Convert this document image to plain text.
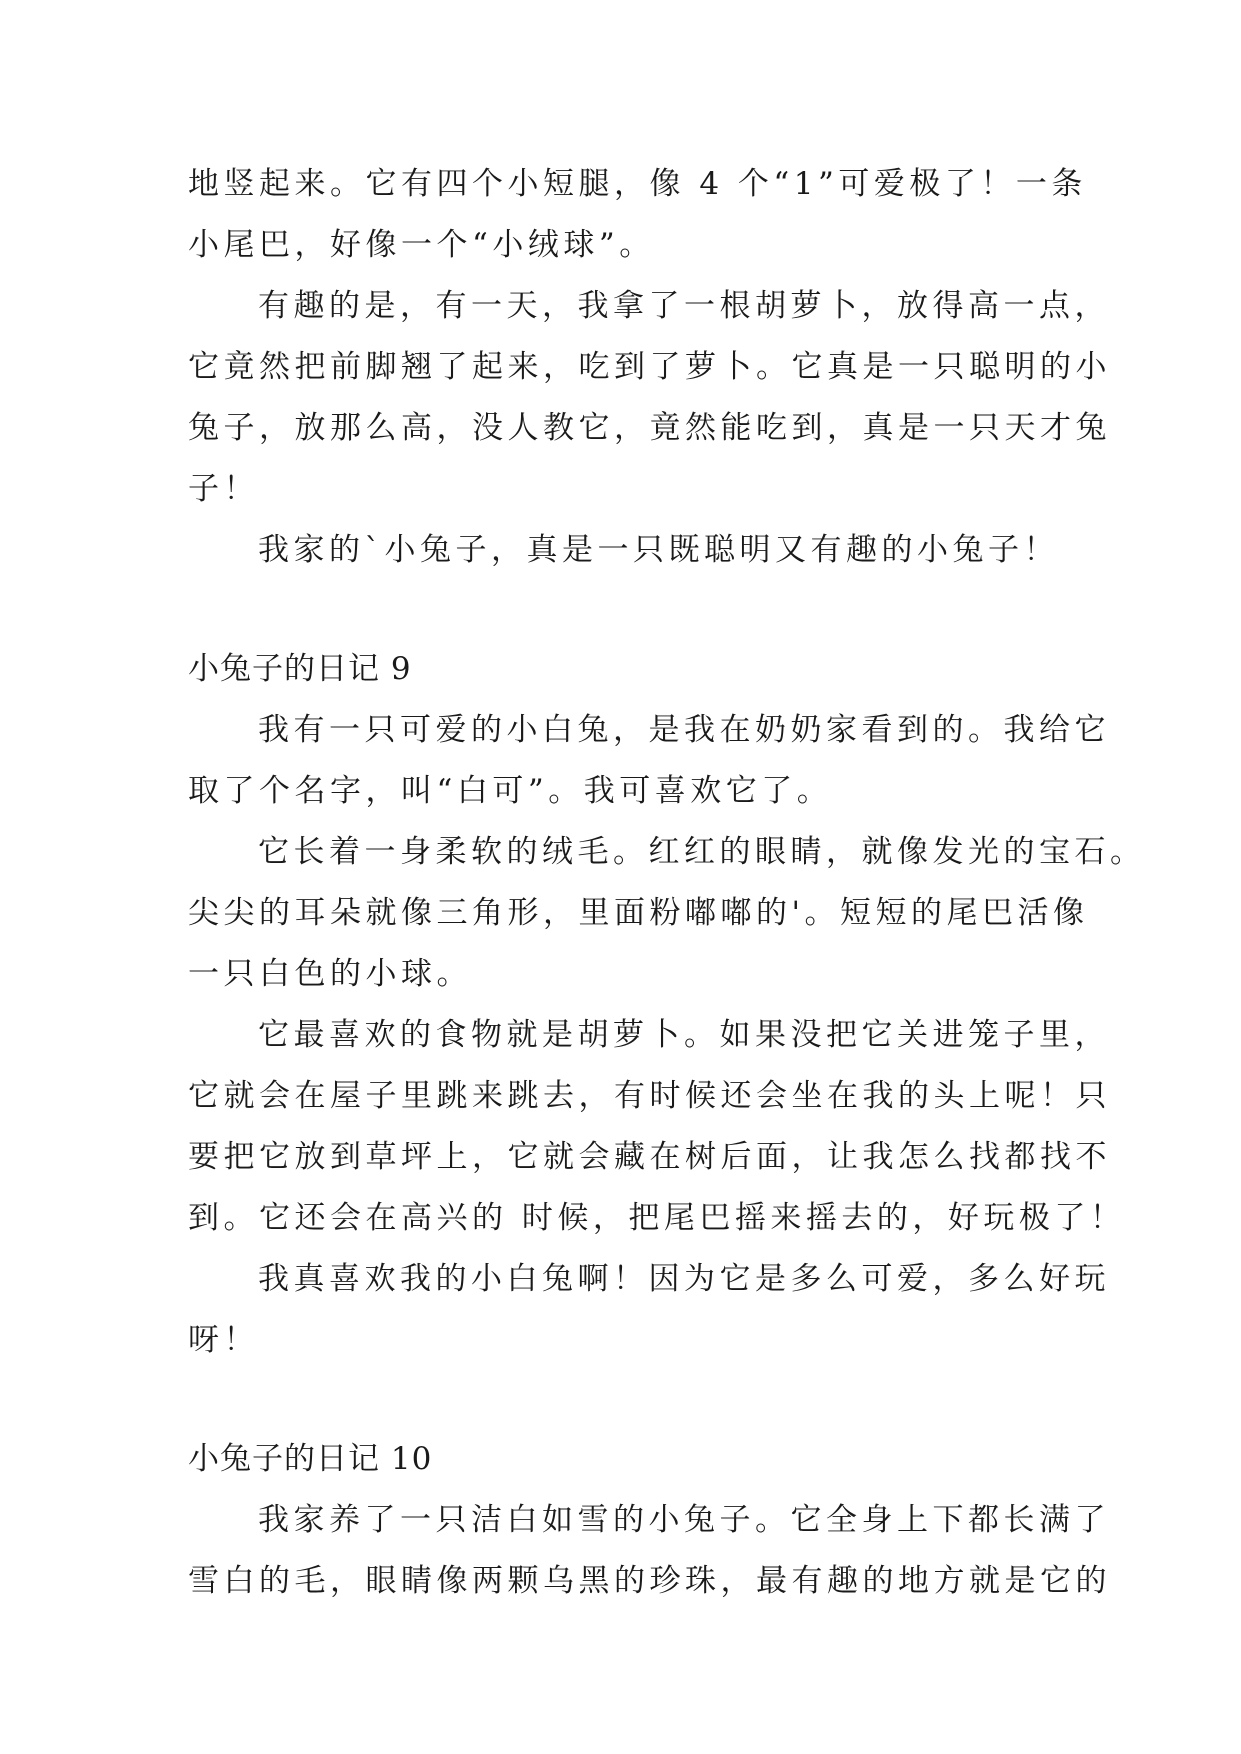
地竖起来。它有四个小短腿，像 4 个“1”可爱极了！一条
小尾巴，好像一个“小绒球”。
有趣的是，有一天，我拿了一根胡萝卜，放得高一点，
它竟然把前脚翘了起来，吃到了萝卜。它真是一只聪明的小
兔子，放那么高，没人教它，竟然能吃到，真是一只天才兔
子！
我家的`小兔子，真是一只既聪明又有趣的小兔子！
小兔子的日记 9
我有一只可爱的小白兔，是我在奶奶家看到的。我给它
取了个名字，叫“白可”。我可喜欢它了。
它长着一身柔软的绒毛。红红的眼睛，就像发光的宝石。
尖尖的耳朵就像三角形，里面粉嘟嘟的'。短短的尾巴活像
一只白色的小球。
它最喜欢的食物就是胡萝卜。如果没把它关进笼子里，
它就会在屋子里跳来跳去，有时候还会坐在我的头上呢！只
要把它放到草坪上，它就会藏在树后面，让我怎么找都找不
到。它还会在高兴的 时候，把尾巴摇来摇去的，好玩极了！
我真喜欢我的小白兔啊！因为它是多么可爱，多么好玩
呀！
小兔子的日记 10
我家养了一只洁白如雪的小兔子。它全身上下都长满了
雪白的毛，眼睛像两颗乌黑的珍珠，最有趣的地方就是它的
